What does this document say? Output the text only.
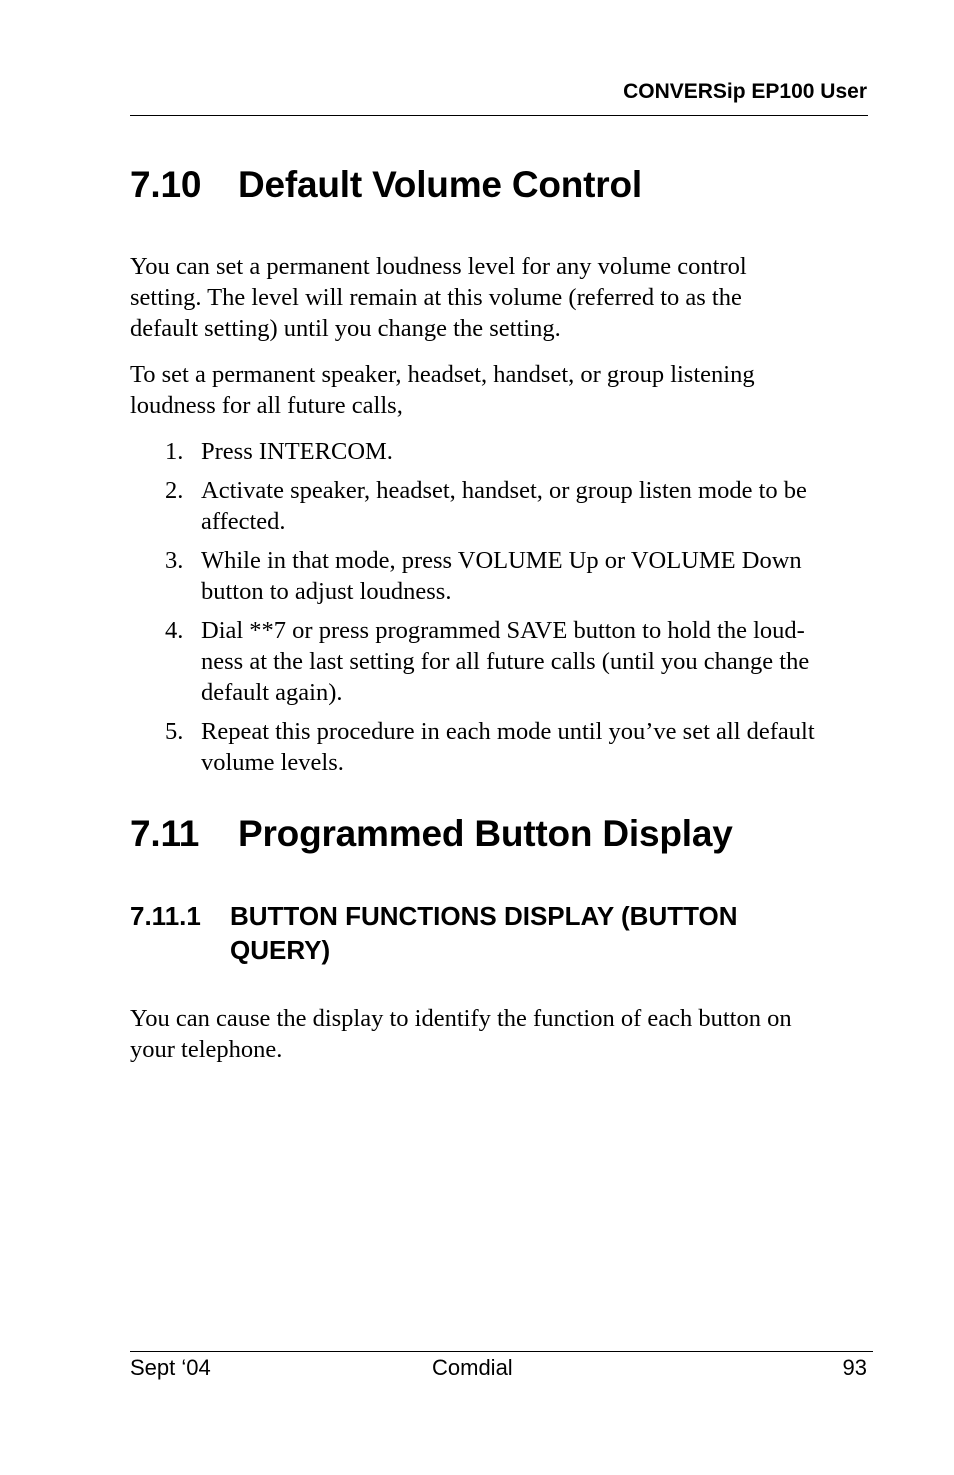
CONVERSip EP100 User
7.10 Default Volume Control
You can set a permanent loudness level for any volume control
setting. The level will remain at this volume (referred to as the
default setting) until you change the setting.
To set a permanent speaker, headset, handset, or group listening
loudness for all future calls,
1. Press INTERCOM.
2. Activate speaker, headset, handset, or group listen mode to be
affected.
3. While in that mode, press VOLUME Up or VOLUME Down
button to adjust loudness.
4. Dial **7 or press programmed SAVE button to hold the loud-
ness at the last setting for all future calls (until you change the
default again).
5. Repeat this procedure in each mode until you’ve set all default
volume levels.
7.11 Programmed Button Display
7.11.1 BUTTON FUNCTIONS DISPLAY (BUTTON
QUERY)
You can cause the display to identify the function of each button on
your telephone.
Sept ‘04	Comdial	93
